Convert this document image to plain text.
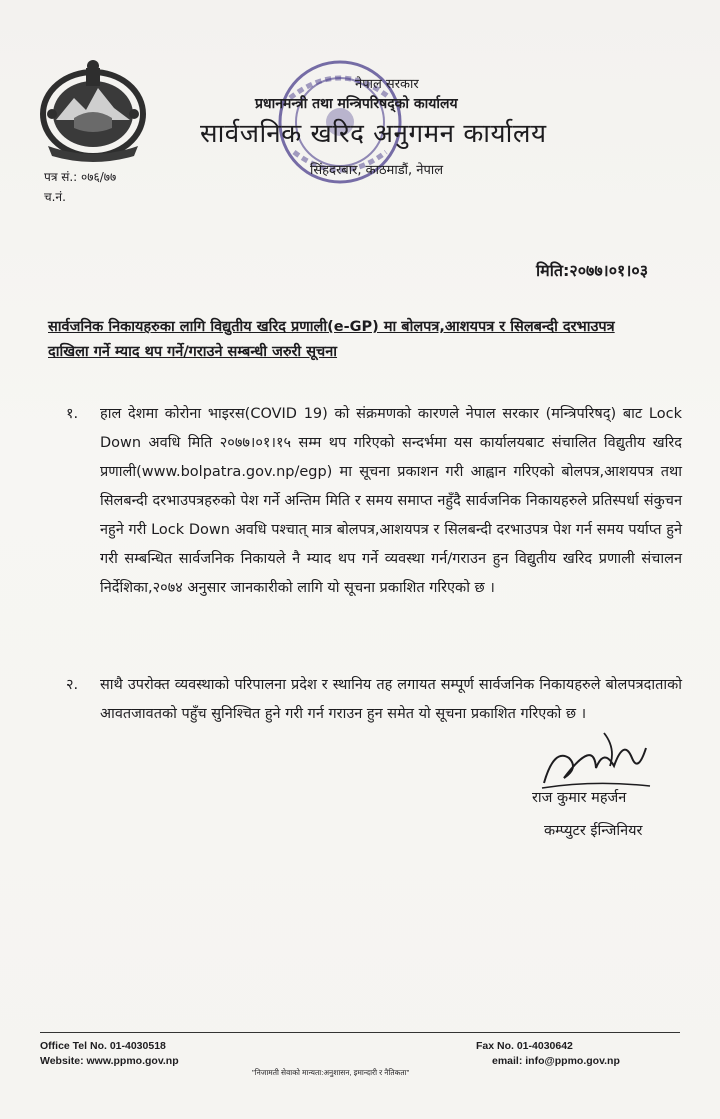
नेपाल सरकार
प्रधानमन्त्री तथा मन्त्रिपरिषद्को कार्यालय
सार्वजनिक खरिद अनुगमन कार्यालय
सिंहदरबार, काठमाडौं, नेपाल
पत्र सं.: ०७६/७७
च.नं.
मिति:२०७७।०१।०३
सार्वजनिक निकायहरुका लागि विद्युतीय खरिद प्रणाली(e-GP) मा बोलपत्र,आशयपत्र र सिलबन्दी दरभाउपत्र दाखिला गर्ने म्याद थप गर्ने/गराउने सम्बन्धी जरुरी सूचना
१.	हाल देशमा कोरोना भाइरस(COVID 19) को संक्रमणको कारणले नेपाल सरकार (मन्त्रिपरिषद्) बाट Lock Down अवधि मिति २०७७।०१।१५ सम्म थप गरिएको सन्दर्भमा यस कार्यालयबाट संचालित विद्युतीय खरिद प्रणाली(www.bolpatra.gov.np/egp) मा सूचना प्रकाशन गरी आह्वान गरिएको बोलपत्र,आशयपत्र तथा सिलबन्दी दरभाउपत्रहरुको पेश गर्ने अन्तिम मिति र समय समाप्त नहुँदै सार्वजनिक निकायहरुले प्रतिस्पर्धा संकुचन नहुने गरी Lock Down अवधि पश्चात् मात्र बोलपत्र,आशयपत्र र सिलबन्दी दरभाउपत्र पेश गर्न समय पर्याप्त हुने गरी सम्बन्धित सार्वजनिक निकायले नै म्याद थप गर्ने व्यवस्था गर्न/गराउन हुन विद्युतीय खरिद प्रणाली संचालन निर्देशिका,२०७४ अनुसार जानकारीको लागि यो सूचना प्रकाशित गरिएको छ ।
२.	साथै उपरोक्त व्यवस्थाको परिपालना प्रदेश र स्थानिय तह लगायत सम्पूर्ण सार्वजनिक निकायहरुले बोलपत्रदाताको आवतजावतको पहुँच सुनिश्चित हुने गरी गर्न गराउन हुन समेत यो सूचना प्रकाशित गरिएको छ ।
राज कुमार महर्जन
कम्प्युटर ईन्जिनियर
Office Tel No. 01-4030518
Website: www.ppmo.gov.np
Fax No. 01-4030642
email: info@ppmo.gov.np
"निजामती सेवाको मान्यता:अनुशासन, इमान्दारी र नैतिकता"
